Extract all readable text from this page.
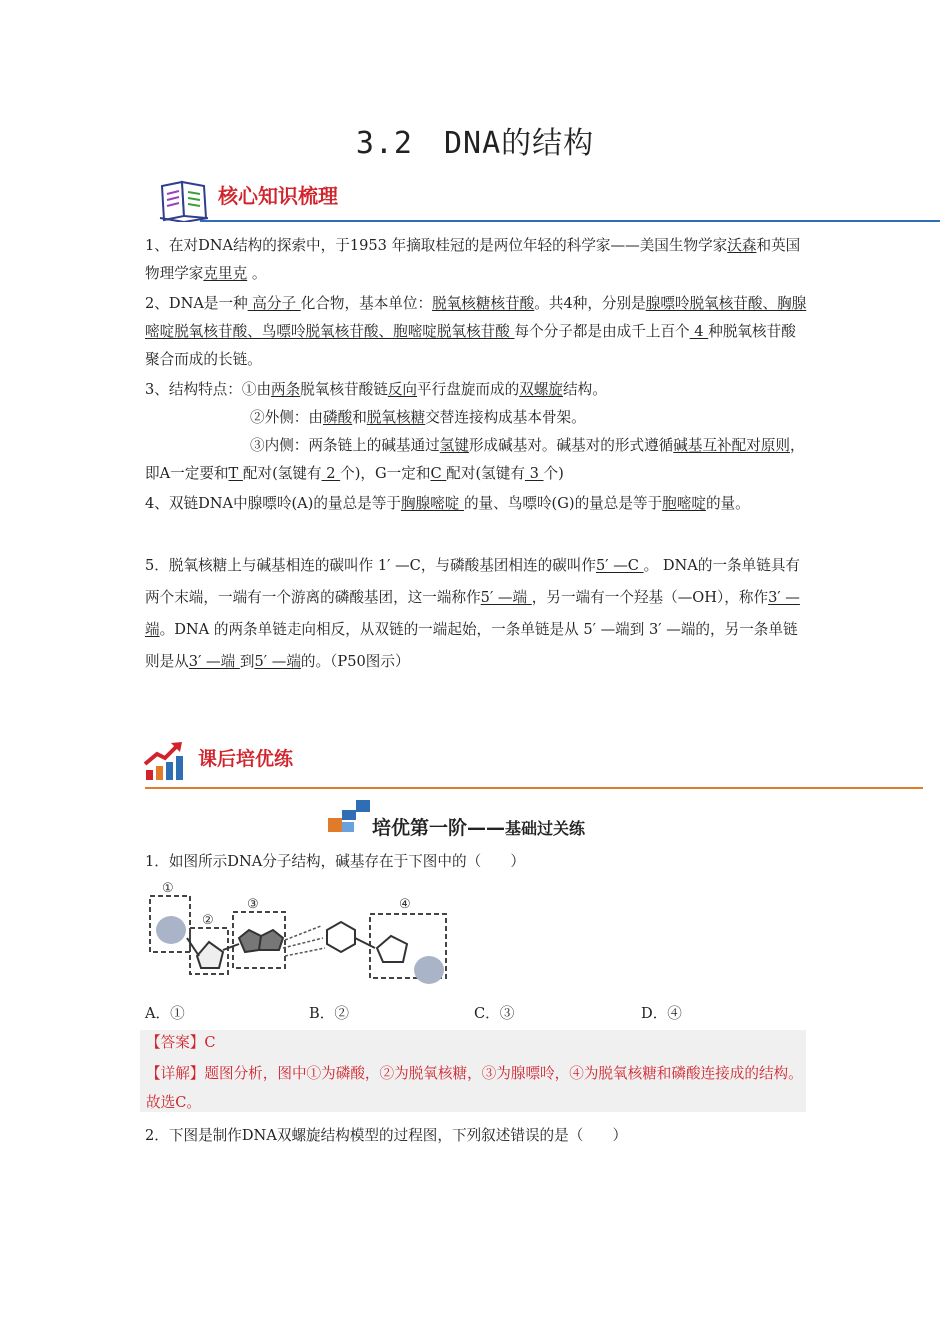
3.2　DNA的结构
核心知识梳理
1、在对DNA结构的探索中，于1953 年摘取桂冠的是两位年轻的科学家——美国生物学家沃森和英国物理学家克里克 。
2、DNA是一种 高分子 化合物，基本单位：脱氧核糖核苷酸。共4种，分别是腺嘌呤脱氧核苷酸、胸腺嘧啶脱氧核苷酸、鸟嘌呤脱氧核苷酸、胞嘧啶脱氧核苷酸 每个分子都是由成千上百个 4 种脱氧核苷酸聚合而成的长链。
3、结构特点：①由两条脱氧核苷酸链反向平行盘旋而成的双螺旋结构。
②外侧：由磷酸和脱氧核糖交替连接构成基本骨架。
③内侧：两条链上的碱基通过氢键形成碱基对。碱基对的形式遵循碱基互补配对原则，即A一定要和T 配对(氢键有 2 个)，G一定和C 配对(氢键有 3 个)
4、双链DNA中腺嘌呤(A)的量总是等于胸腺嘧啶 的量、鸟嘌呤(G)的量总是等于胞嘧啶的量。
5．脱氧核糖上与碱基相连的碳叫作 1′ —C，与磷酸基团相连的碳叫作5′ —C 。 DNA的一条单链具有两个末端，一端有一个游离的磷酸基团，这一端称作5′ —端 ，另一端有一个羟基（—OH），称作3′ —端。DNA 的两条单链走向相反，从双链的一端起始，一条单链是从 5′ —端到 3′ —端的，另一条单链则是从3′ —端 到5′ —端的。（P50图示）
课后培优练
培优第一阶——基础过关练
1．如图所示DNA分子结构，碱基存在于下图中的（　　）
①
②
③	④
A．①	B．②	C．③	D．④
【答案】C
【详解】题图分析，图中①为磷酸，②为脱氧核糖，③为腺嘌呤，④为脱氧核糖和磷酸连接成的结构。故选C。
2．下图是制作DNA双螺旋结构模型的过程图，下列叙述错误的是（　　）
